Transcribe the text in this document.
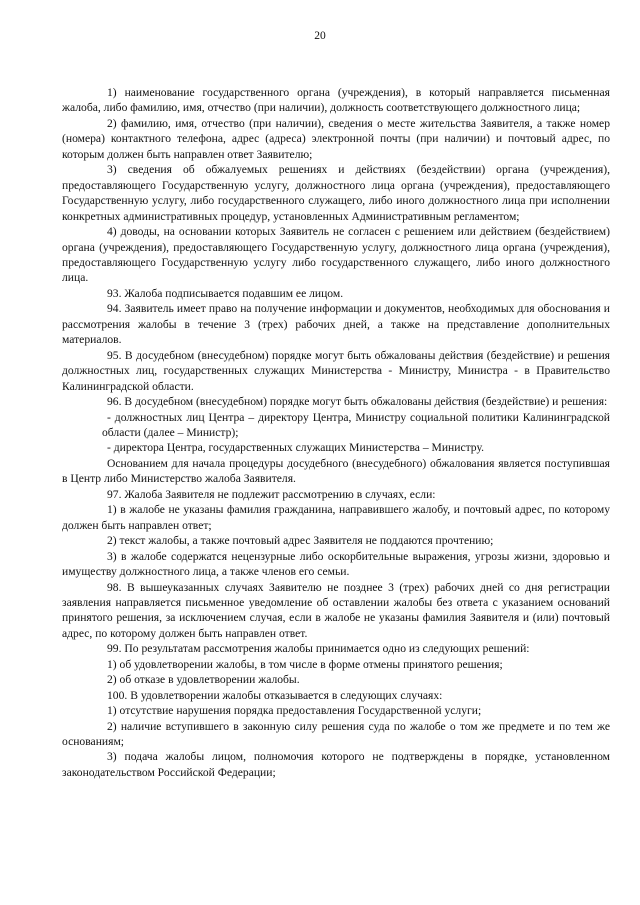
20

1) наименование государственного органа (учреждения), в который направляется письменная жалоба, либо фамилию, имя, отчество (при наличии), должность соответствующего должностного лица;

2) фамилию, имя, отчество (при наличии), сведения о месте жительства Заявителя, а также номер (номера) контактного телефона, адрес (адреса) электронной почты (при наличии) и почтовый адрес, по которым должен быть направлен ответ Заявителю;

3) сведения об обжалуемых решениях и действиях (бездействии) органа (учреждения), предоставляющего Государственную услугу, должностного лица органа (учреждения), предоставляющего Государственную услугу, либо государственного служащего, либо иного должностного лица при исполнении конкретных административных процедур, установленных Административным регламентом;

4) доводы, на основании которых Заявитель не согласен с решением или действием (бездействием) органа (учреждения), предоставляющего Государственную услугу, должностного лица органа (учреждения), предоставляющего Государственную услугу либо государственного служащего, либо иного должностного лица.

93. Жалоба подписывается подавшим ее лицом.

94. Заявитель имеет право на получение информации и документов, необходимых для обоснования и рассмотрения жалобы в течение 3 (трех) рабочих дней, а также на представление дополнительных материалов.

95. В досудебном (внесудебном) порядке могут быть обжалованы действия (бездействие) и решения должностных лиц, государственных служащих Министерства - Министру, Министра - в Правительство Калининградской области.

96. В досудебном (внесудебном) порядке могут быть обжалованы действия (бездействие) и решения:

- должностных лиц Центра – директору Центра, Министру социальной политики Калининградской области (далее – Министр);

- директора Центра, государственных служащих Министерства – Министру.

Основанием для начала процедуры досудебного (внесудебного) обжалования является поступившая в Центр либо Министерство жалоба Заявителя.

97. Жалоба Заявителя не подлежит рассмотрению в случаях, если:

1) в жалобе не указаны фамилия гражданина, направившего жалобу, и почтовый адрес, по которому должен быть направлен ответ;

2) текст жалобы, а также почтовый адрес Заявителя не поддаются прочтению;

3) в жалобе содержатся нецензурные либо оскорбительные выражения, угрозы жизни, здоровью и имуществу должностного лица, а также членов его семьи.

98. В вышеуказанных случаях Заявителю не позднее 3 (трех) рабочих дней со дня регистрации заявления направляется письменное уведомление об оставлении жалобы без ответа с указанием оснований принятого решения, за исключением случая, если в жалобе не указаны фамилия Заявителя и (или) почтовый адрес, по которому должен быть направлен ответ.

99. По результатам рассмотрения жалобы принимается одно из следующих решений:

1) об удовлетворении жалобы, в том числе в форме отмены принятого решения;

2) об отказе в удовлетворении жалобы.

100. В удовлетворении жалобы отказывается в следующих случаях:

1) отсутствие нарушения порядка предоставления Государственной услуги;

2) наличие вступившего в законную силу решения суда по жалобе о том же предмете и по тем же основаниям;

3) подача жалобы лицом, полномочия которого не подтверждены в порядке, установленном законодательством Российской Федерации;
